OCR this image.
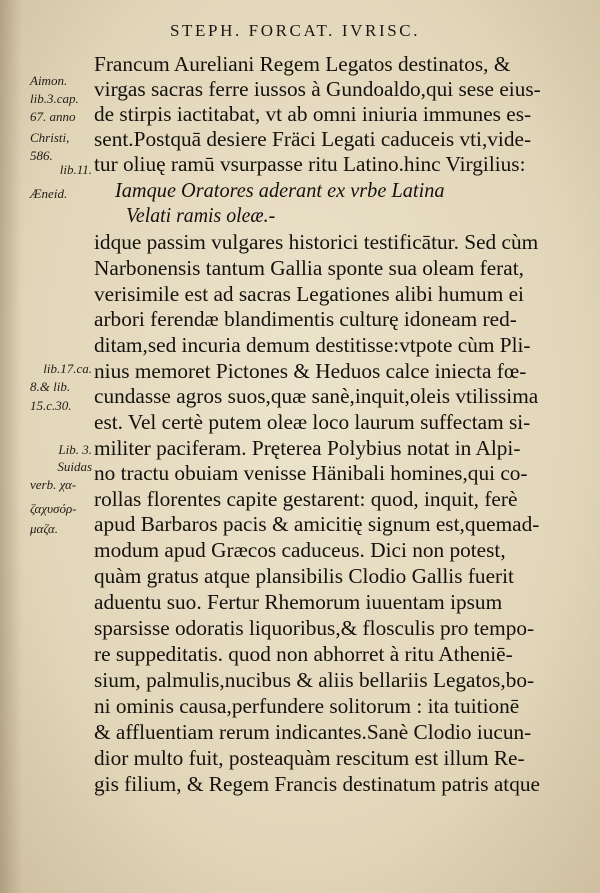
STEPH. FORCAT. IVRISC.
Francum Aureliani Regem Legatos destinatos, &
virgas sacras ferre iussos à Gundoaldo,qui sese eius-
de stirpis iactitabat, vt ab omni iniuria immunes es-
sent.Postquā desiere Fräci Legati caduceis vti,vide-
tur oliuę ramū vsurpasse ritu Latino.hinc Virgilius:
Iamque Oratores aderant ex vrbe Latina
Velati ramis oleæ.-
idque passim vulgares historici testificātur. Sed cùm
Narbonensis tantum Gallia sponte sua oleam ferat,
verisimile est ad sacras Legationes alibi humum ei
arbori ferendæ blandimentis culturę idoneam red-
ditam,sed incuria demum destitisse:vtpote cùm Pli-
nius memoret Pictones & Heduos calce iniecta fœ-
cundasse agros suos,quæ sanè,inquit,oleis vtilissima
est. Vel certè putem oleæ loco laurum suffectam si-
militer paciferam. Pręterea Polybius notat in Alpi-
no tractu obuiam venisse Hänibali homines,qui co-
rollas florentes capite gestarent: quod, inquit, ferè
apud Barbaros pacis & amicitię signum est,quemad-
modum apud Græcos caduceus. Dici non potest,
quàm gratus atque plansibilis Clodio Gallis fuerit
aduentu suo. Fertur Rhemorum iuuentam ipsum
sparsisse odoratis liquoribus,& flosculis pro tempo-
re suppeditatis. quod non abhorret à ritu Atheniē-
sium, palmulis,nucibus & aliis bellariis Legatos,bo-
ni ominis causa,perfundere solitorum : ita tuitionē
& affluentiam rerum indicantes.Sanè Clodio iucun-
dior multo fuit, posteaquàm rescitum est illum Re-
gis filium, & Regem Francis destinatum patris atque
Aimon.
lib.3.cap.
67. anno
Christi,
586.
lib.11.
Æneid.
lib.17.ca.
8.& lib.
15.c.30.
Lib. 3.
Suidas
verb. χα-
ζαχυσόρ-
μαζα.
